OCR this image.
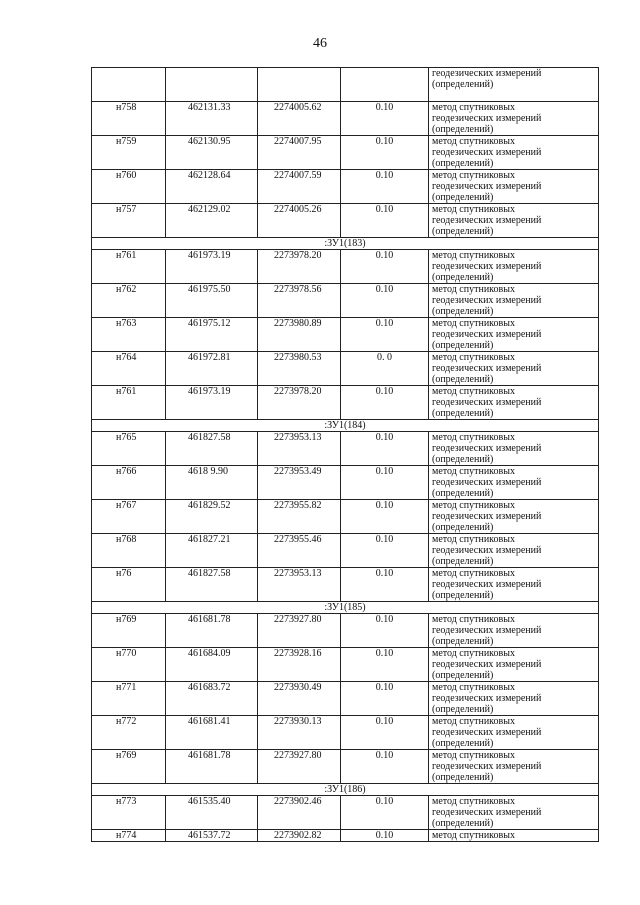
46

				геодезических измерений
(определений)

н758	462131.33	2274005.62	0.10	метод спутниковых
геодезических измерений
(определений)

н759	462130.95	2274007.95	0.10	метод спутниковых
геодезических измерений
(определений)

н760	462128.64	2274007.59	0.10	метод спутниковых
геодезических измерений
(определений)

н757	462129.02	2274005.26	0.10	метод спутниковых
геодезических измерений
(определений)

:ЗУ1(183)				
н761	461973.19	2273978.20	0.10	метод спутниковых
геодезических измерений
(определений)

н762	461975.50	2273978.56	0.10	метод спутниковых
геодезических измерений
(определений)

н763	461975.12	2273980.89	0.10	метод спутниковых
геодезических измерений
(определений)

н764	461972.81	2273980.53	0. 0	метод спутниковых
геодезических измерений
(определений)

н761	461973.19	2273978.20	0.10	метод спутниковых
геодезических измерений
(определений)

:ЗУ1(184)				
н765	461827.58	2273953.13	0.10	метод спутниковых
геодезических измерений
(определений)

н766	4618 9.90	2273953.49	0.10	метод спутниковых
геодезических измерений
(определений)

н767	461829.52	2273955.82	0.10	метод спутниковых
геодезических измерений
(определений)

н768	461827.21	2273955.46	0.10	метод спутниковых
геодезических измерений
(определений)

н76	461827.58	2273953.13	0.10	метод спутниковых
геодезических измерений
(определений)

:ЗУ1(185)				
н769	461681.78	2273927.80	0.10	метод спутниковых
геодезических измерений
(определений)

н770	461684.09	2273928.16	0.10	метод спутниковых
геодезических измерений
(определений)

н771	461683.72	2273930.49	0.10	метод спутниковых
геодезических измерений
(определений)

н772	461681.41	2273930.13	0.10	метод спутниковых
геодезических измерений
(определений)

н769	461681.78	2273927.80	0.10	метод спутниковых
геодезических измерений
(определений)

:ЗУ1(186)				
н773	461535.40	2273902.46	0.10	метод спутниковых
геодезических измерений
(определений)

н774	461537.72	2273902.82	0.10	метод спутниковых
